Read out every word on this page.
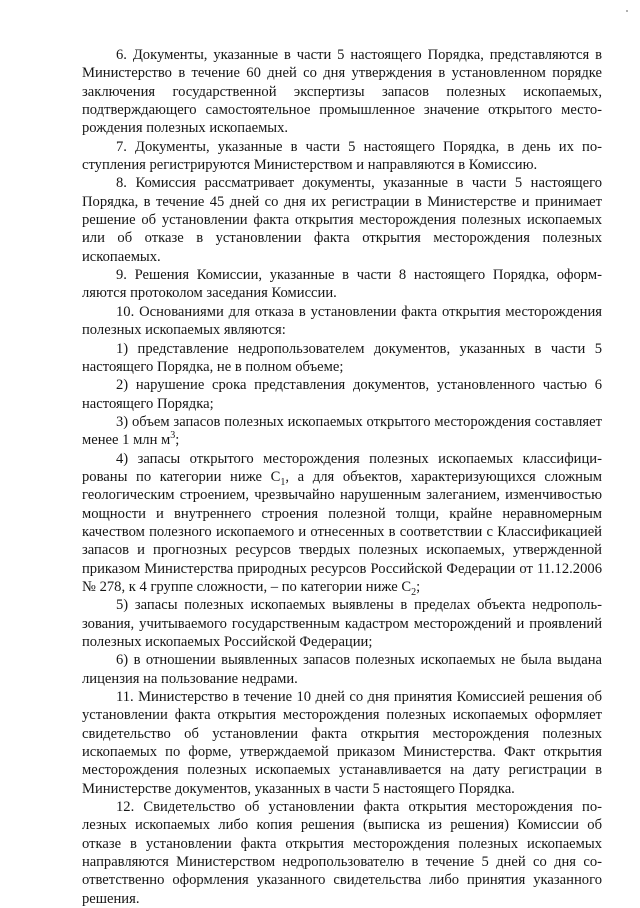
6. Документы, указанные в части 5 настоящего Порядка, представляются в Министерство в течение 60 дней со дня утверждения в установленном порядке заключения государственной экспертизы запасов полезных ископаемых, подтверждающего самостоятельное промышленное значение открытого месторождения полезных ископаемых.

7. Документы, указанные в части 5 настоящего Порядка, в день их поступления регистрируются Министерством и направляются в Комиссию.

8. Комиссия рассматривает документы, указанные в части 5 настоящего Порядка, в течение 45 дней со дня их регистрации в Министерстве и принимает решение об установлении факта открытия месторождения полезных ископаемых или об отказе в установлении факта открытия месторождения полезных ископаемых.

9. Решения Комиссии, указанные в части 8 настоящего Порядка, оформляются протоколом заседания Комиссии.

10. Основаниями для отказа в установлении факта открытия месторождения полезных ископаемых являются:

1) представление недропользователем документов, указанных в части 5 настоящего Порядка, не в полном объеме;

2) нарушение срока представления документов, установленного частью 6 настоящего Порядка;

3) объем запасов полезных ископаемых открытого месторождения составляет менее 1 млн $м^3$;

4) запасы открытого месторождения полезных ископаемых классифицированы по категории ниже $С_1$, а для объектов, характеризующихся сложным геологическим строением, чрезвычайно нарушенным залеганием, изменчивостью мощности и внутреннего строения полезной толщи, крайне неравномерным качеством полезного ископаемого и отнесенных в соответствии с Классификацией запасов и прогнозных ресурсов твердых полезных ископаемых, утвержденной приказом Министерства природных ресурсов Российской Федерации от 11.12.2006 № 278, к 4 группе сложности, – по категории ниже $С_2$;

5) запасы полезных ископаемых выявлены в пределах объекта недропользования, учитываемого государственным кадастром месторождений и проявлений полезных ископаемых Российской Федерации;

6) в отношении выявленных запасов полезных ископаемых не была выдана лицензия на пользование недрами.

11. Министерство в течение 10 дней со дня принятия Комиссией решения об установлении факта открытия месторождения полезных ископаемых оформляет свидетельство об установлении факта открытия месторождения полезных ископаемых по форме, утверждаемой приказом Министерства. Факт открытия месторождения полезных ископаемых устанавливается на дату регистрации в Министерстве документов, указанных в части 5 настоящего Порядка.

12. Свидетельство об установлении факта открытия месторождения полезных ископаемых либо копия решения (выписка из решения) Комиссии об отказе в установлении факта открытия месторождения полезных ископаемых направляются Министерством недропользователю в течение 5 дней со дня соответственно оформления указанного свидетельства либо принятия указанного решения.
